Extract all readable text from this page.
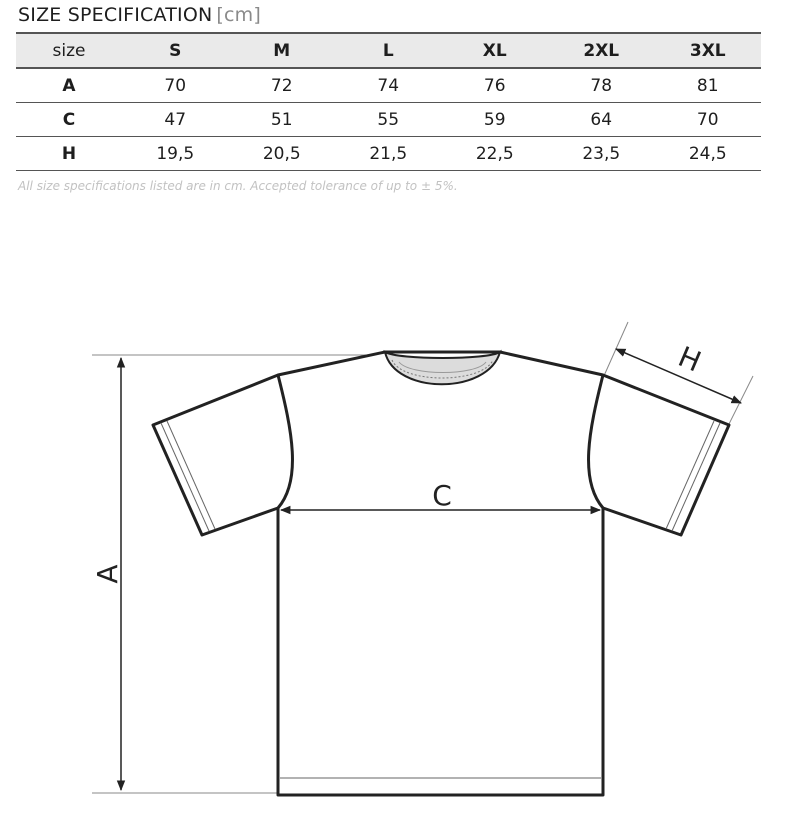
SIZE SPECIFICATION [cm]
size	S	M	L	XL	2XL	3XL
A	70	72	74	76	78	81
C	47	51	55	59	64	70
H	19,5	20,5	21,5	22,5	23,5	24,5
All size specifications listed are in cm. Accepted tolerance of up to ± 5%.
A
C
H
